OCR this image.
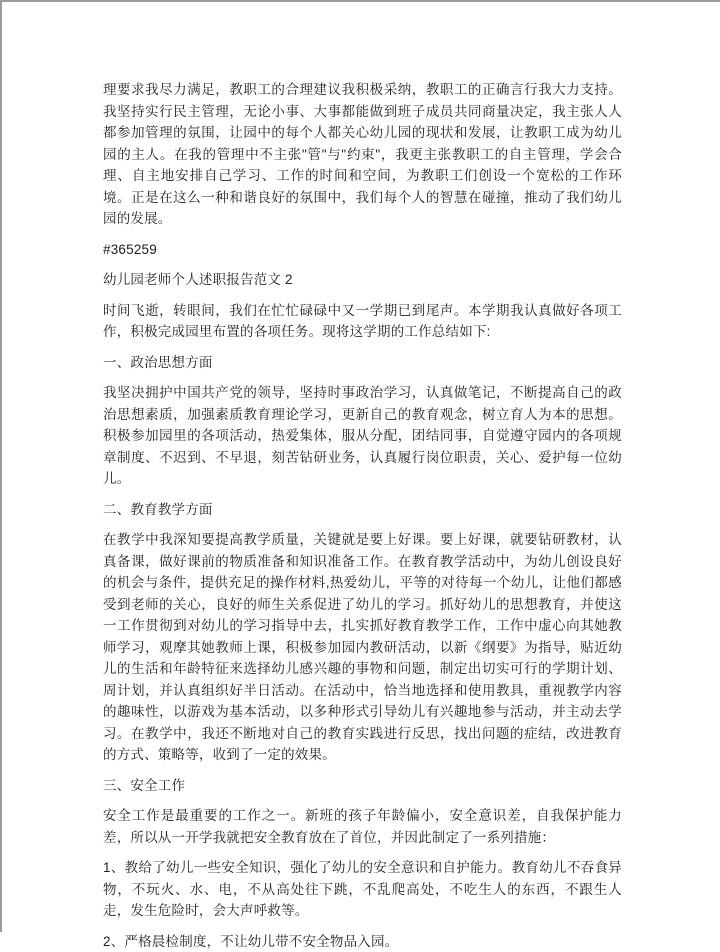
理要求我尽力满足，教职工的合理建议我积极采纳，教职工的正确言行我大力支持。我坚持实行民主管理，无论小事、大事都能做到班子成员共同商量决定，我主张人人都参加管理的氛围，让园中的每个人都关心幼儿园的现状和发展，让教职工成为幼儿园的主人。在我的管理中不主张"管"与"约束"，我更主张教职工的自主管理，学会合理、自主地安排自己学习、工作的时间和空间，为教职工们创设一个宽松的工作环境。正是在这么一种和谐良好的氛围中，我们每个人的智慧在碰撞，推动了我们幼儿园的发展。

#365259

幼儿园老师个人述职报告范文 2

时间飞逝，转眼间，我们在忙忙碌碌中又一学期已到尾声。本学期我认真做好各项工作，积极完成园里布置的各项任务。现将这学期的工作总结如下:

一、政治思想方面

我坚决拥护中国共产党的领导，坚持时事政治学习，认真做笔记，不断提高自己的政治思想素质，加强素质教育理论学习，更新自己的教育观念，树立育人为本的思想。积极参加园里的各项活动，热爱集体，服从分配，团结同事，自觉遵守园内的各项规章制度、不迟到、不早退，刻苦钻研业务，认真履行岗位职责，关心、爱护每一位幼儿。

二、教育教学方面

在教学中我深知要提高教学质量，关键就是要上好课。要上好课，就要钻研教材，认真备课，做好课前的物质准备和知识准备工作。在教育教学活动中，为幼儿创设良好的机会与条件，提供充足的操作材料,热爱幼儿，平等的对待每一个幼儿，让他们都感受到老师的关心，良好的师生关系促进了幼儿的学习。抓好幼儿的思想教育，并使这一工作贯彻到对幼儿的学习指导中去，扎实抓好教育教学工作，工作中虚心向其她教师学习，观摩其她教师上课，积极参加园内教研活动，以新《纲要》为指导，贴近幼儿的生活和年龄特征来选择幼儿感兴趣的事物和问题，制定出切实可行的学期计划、周计划，并认真组织好半日活动。在活动中，恰当地选择和使用教具，重视教学内容的趣味性，以游戏为基本活动，以多种形式引导幼儿有兴趣地参与活动，并主动去学习。在教学中，我还不断地对自己的教育实践进行反思，找出问题的症结，改进教育的方式、策略等，收到了一定的效果。

三、安全工作

安全工作是最重要的工作之一。新班的孩子年龄偏小，安全意识差，自我保护能力差，所以从一开学我就把安全教育放在了首位，并因此制定了一系列措施：

1、教给了幼儿一些安全知识，强化了幼儿的安全意识和自护能力。教育幼儿不吞食异物，不玩火、水、电，不从高处往下跳，不乱爬高处，不吃生人的东西，不跟生人走，发生危险时，会大声呼救等。

2、严格晨检制度，不让幼儿带不安全物品入园。
